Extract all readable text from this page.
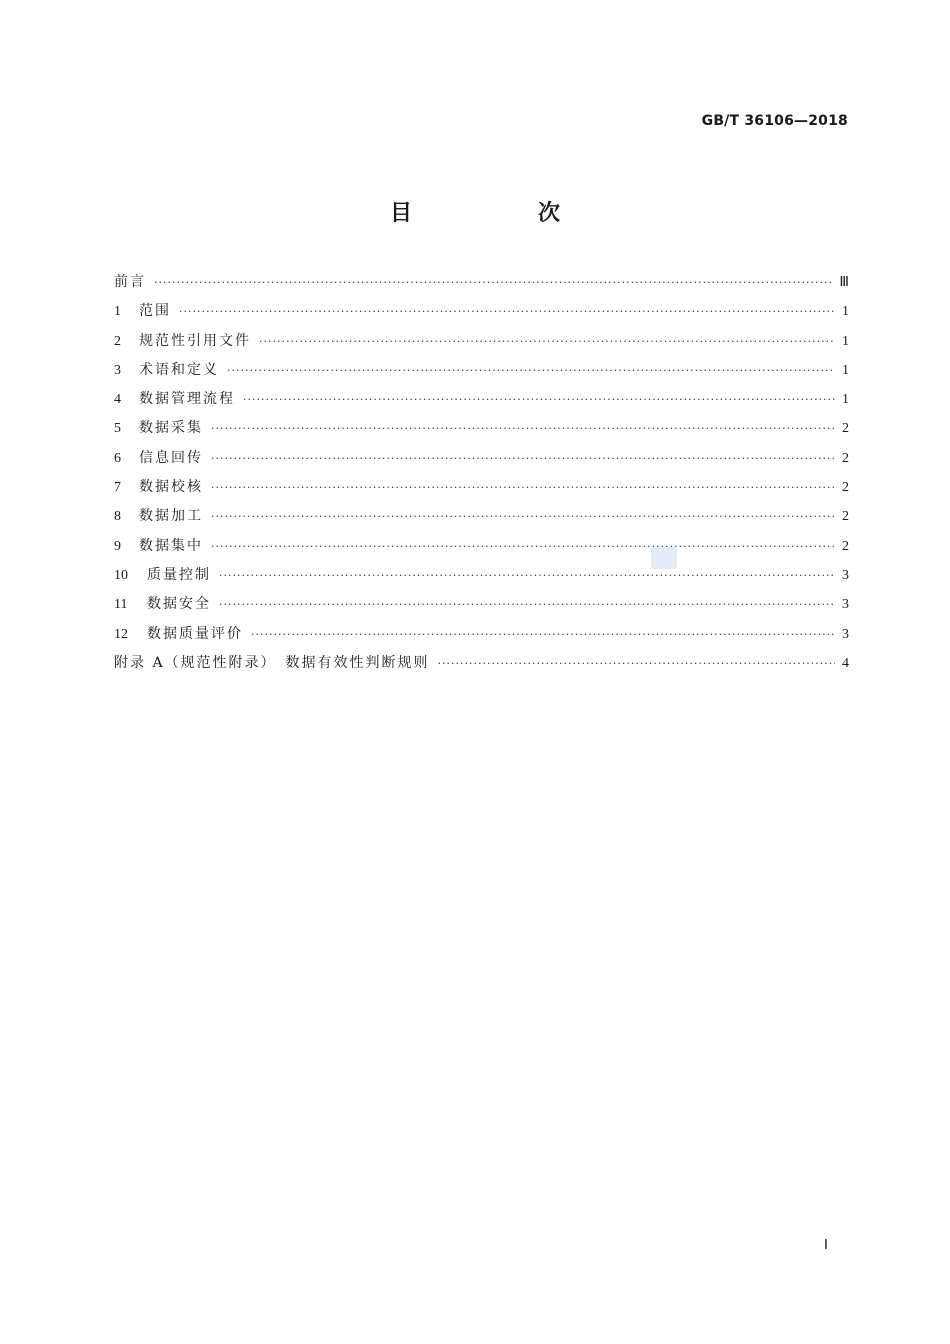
GB/T 36106—2018
目　次
前言 ·····	Ⅲ
1	范围 ·····	1
2	规范性引用文件 ·····	1
3	术语和定义 ·····	1
4	数据管理流程 ·····	1
5	数据采集 ·····	2
6	信息回传 ·····	2
7	数据校核 ·····	2
8	数据加工 ·····	2
9	数据集中 ·····	2
10	质量控制 ·····	3
11	数据安全 ·····	3
12	数据质量评价 ·····	3
附录 A（规范性附录）　数据有效性判断规则 ·····	4
Ⅰ
